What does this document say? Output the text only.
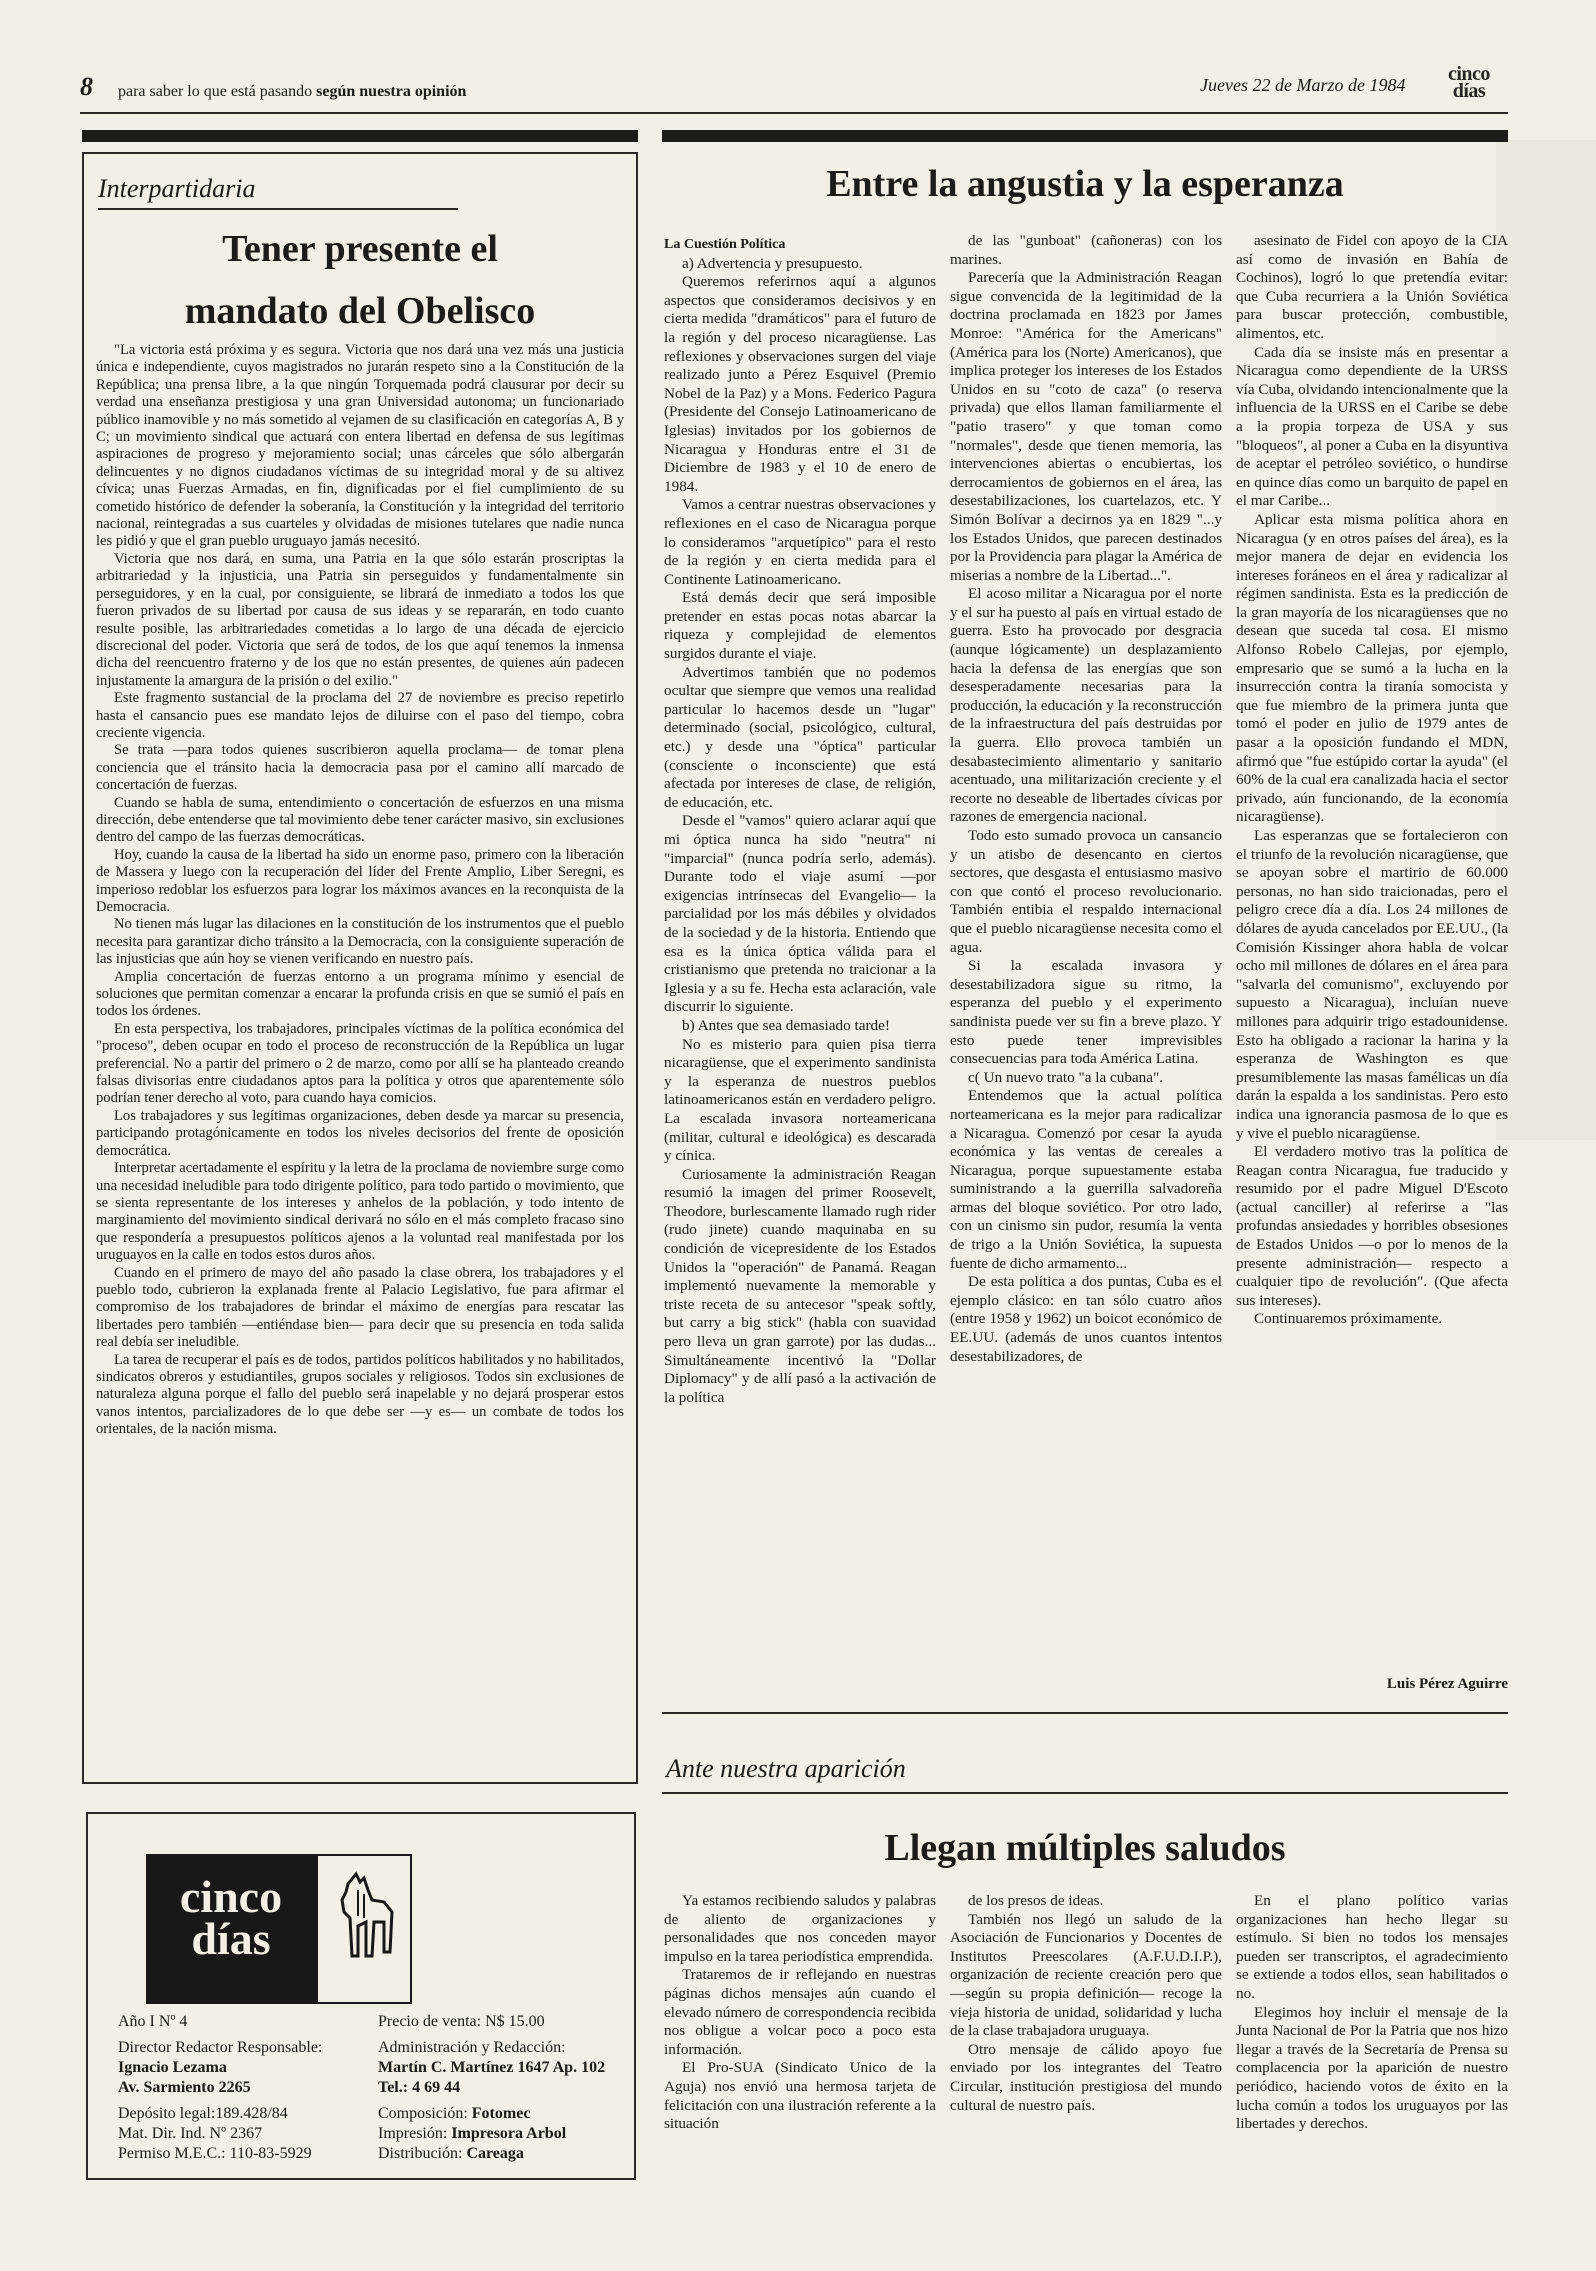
8 para saber lo que está pasando según nuestra opinión	Jueves 22 de Marzo de 1984 cinco
días
Interpartidaria
Tener presente el
mandato del Obelisco

"La victoria está próxima y es segura. Victoria que nos dará una vez más una justicia única e independiente, cuyos magistrados no jurarán respeto sino a la Constitución de la República; una prensa libre, a la que ningún Torquemada podrá clausurar por decir su verdad una enseñanza prestigiosa y una gran Universidad autonoma; un funcionariado público inamovible y no más sometido al vejamen de su clasificación en categorías A, B y C; un movimiento sindical que actuará con entera libertad en defensa de sus legítimas aspiraciones de progreso y mejoramiento social; unas cárceles que sólo albergarán delincuentes y no dignos ciudadanos víctimas de su integridad moral y de su altivez cívica; unas Fuerzas Armadas, en fin, dignificadas por el fiel cumplimiento de su cometido histórico de defender la soberanía, la Constitución y la integridad del territorio nacional, reintegradas a sus cuarteles y olvidadas de misiones tutelares que nadie nunca les pidió y que el gran pueblo uruguayo jamás necesitó.

Victoria que nos dará, en suma, una Patria en la que sólo estarán proscriptas la arbitrariedad y la injusticia, una Patria sin perseguidos y fundamentalmente sin perseguidores, y en la cual, por consiguiente, se librará de inmediato a todos los que fueron privados de su libertad por causa de sus ideas y se repararán, en todo cuanto resulte posible, las arbitrariedades cometidas a lo largo de una década de ejercicio discrecional del poder. Victoria que será de todos, de los que aquí tenemos la inmensa dicha del reencuentro fraterno y de los que no están presentes, de quienes aún padecen injustamente la amargura de la prisión o del exilio."

Este fragmento sustancial de la proclama del 27 de noviembre es preciso repetirlo hasta el cansancio pues ese mandato lejos de diluirse con el paso del tiempo, cobra creciente vigencia.

Se trata —para todos quienes suscribieron aquella proclama— de tomar plena conciencia que el tránsito hacia la democracia pasa por el camino allí marcado de concertación de fuerzas.

Cuando se habla de suma, entendimiento o concertación de esfuerzos en una misma dirección, debe entenderse que tal movimiento debe tener carácter masivo, sin exclusiones dentro del campo de las fuerzas democráticas.

Hoy, cuando la causa de la libertad ha sido un enorme paso, primero con la liberación de Massera y luego con la recuperación del líder del Frente Amplio, Liber Seregni, es imperioso redoblar los esfuerzos para lograr los máximos avances en la reconquista de la Democracia.

No tienen más lugar las dilaciones en la constitución de los instrumentos que el pueblo necesita para garantizar dicho tránsito a la Democracia, con la consiguiente superación de las injusticias que aún hoy se vienen verificando en nuestro país.

Amplia concertación de fuerzas entorno a un programa mínimo y esencial de soluciones que permitan comenzar a encarar la profunda crisis en que se sumió el país en todos los órdenes.

En esta perspectiva, los trabajadores, principales víctimas de la política económica del "proceso", deben ocupar en todo el proceso de reconstrucción de la República un lugar preferencial. No a partir del primero o 2 de marzo, como por allí se ha planteado creando falsas divisorias entre ciudadanos aptos para la política y otros que aparentemente sólo podrían tener derecho al voto, para cuando haya comicios.

Los trabajadores y sus legítimas organizaciones, deben desde ya marcar su presencia, participando protagónicamente en todos los niveles decisorios del frente de oposición democrática.

Interpretar acertadamente el espíritu y la letra de la proclama de noviembre surge como una necesidad ineludible para todo dirigente político, para todo partido o movimiento, que se sienta representante de los intereses y anhelos de la población, y todo intento de marginamiento del movimiento sindical derivará no sólo en el más completo fracaso sino que respondería a presupuestos políticos ajenos a la voluntad real manifestada por los uruguayos en la calle en todos estos duros años.

Cuando en el primero de mayo del año pasado la clase obrera, los trabajadores y el pueblo todo, cubrieron la explanada frente al Palacio Legislativo, fue para afirmar el compromiso de los trabajadores de brindar el máximo de energías para rescatar las libertades pero también —entiéndase bien— para decir que su presencia en toda salida real debía ser ineludible.

La tarea de recuperar el país es de todos, partidos políticos habilitados y no habilitados, sindicatos obreros y estudiantiles, grupos sociales y religiosos. Todos sin exclusiones de naturaleza alguna porque el fallo del pueblo será inapelable y no dejará prosperar estos vanos intentos, parcializadores de lo que debe ser —y es— un combate de todos los orientales, de la nación misma.

cinco
días
Año I Nº 4
Director Redactor Responsable:
Ignacio Lezama
Av. Sarmiento 2265
Depósito legal:189.428/84
Mat. Dir. Ind. Nº 2367
Permiso M.E.C.: 110-83-5929
Precio de venta: N$ 15.00
Administración y Redacción:
Martín C. Martínez 1647 Ap. 102
Tel.: 4 69 44
Composición: Fotomec
Impresión: Impresora Arbol
Distribución: Careaga
Entre la angustia y la esperanza
La Cuestión Política

a) Advertencia y presupuesto.

Queremos referirnos aquí a algunos aspectos que consideramos decisivos y en cierta medida "dramáticos" para el futuro de la región y del proceso nicaragüense. Las reflexiones y observaciones surgen del viaje realizado junto a Pérez Esquivel (Premio Nobel de la Paz) y a Mons. Federico Pagura (Presidente del Consejo Latinoamericano de Iglesias) invitados por los gobiernos de Nicaragua y Honduras entre el 31 de Diciembre de 1983 y el 10 de enero de 1984.

Vamos a centrar nuestras observaciones y reflexiones en el caso de Nicaragua porque lo consideramos "arquetípico" para el resto de la región y en cierta medida para el Continente Latinoamericano.

Está demás decir que será imposible pretender en estas pocas notas abarcar la riqueza y complejidad de elementos surgidos durante el viaje.

Advertimos también que no podemos ocultar que siempre que vemos una realidad particular lo hacemos desde un "lugar" determinado (social, psicológico, cultural, etc.) y desde una "óptica" particular (consciente o inconsciente) que está afectada por intereses de clase, de religión, de educación, etc.

Desde el "vamos" quiero aclarar aquí que mi óptica nunca ha sido "neutra" ni "imparcial" (nunca podría serlo, además). Durante todo el viaje asumí —por exigencias intrínsecas del Evangelio— la parcialidad por los más débiles y olvidados de la sociedad y de la historia. Entiendo que esa es la única óptica válida para el cristianismo que pretenda no traicionar a la Iglesia y a su fe. Hecha esta aclaración, vale discurrir lo siguiente.

b) Antes que sea demasiado tarde!

No es misterio para quien pisa tierra nicaragüense, que el experimento sandinista y la esperanza de nuestros pueblos latinoamericanos están en verdadero peligro. La escalada invasora norteamericana (militar, cultural e ideológica) es descarada y cínica.

Curiosamente la administración Reagan resumió la imagen del primer Roosevelt, Theodore, burlescamente llamado rugh rider (rudo jinete) cuando maquinaba en su condición de vicepresidente de los Estados Unidos la "operación" de Panamá. Reagan implementó nuevamente la memorable y triste receta de su antecesor "speak softly, but carry a big stick" (habla con suavidad pero lleva un gran garrote) por las dudas... Simultáneamente incentivó la "Dollar Diplomacy" y de allí pasó a la activación de la política

de las "gunboat" (cañoneras) con los marines.

Parecería que la Administración Reagan sigue convencida de la legitimidad de la doctrina proclamada en 1823 por James Monroe: "América for the Americans" (América para los (Norte) Americanos), que implica proteger los intereses de los Estados Unidos en su "coto de caza" (o reserva privada) que ellos llaman familiarmente el "patio trasero" y que toman como "normales", desde que tienen memoria, las intervenciones abiertas o encubiertas, los derrocamientos de gobiernos en el área, las desestabilizaciones, los cuartelazos, etc. Y Simón Bolívar a decirnos ya en 1829 "...y los Estados Unidos, que parecen destinados por la Providencia para plagar la América de miserias a nombre de la Libertad...".

El acoso militar a Nicaragua por el norte y el sur ha puesto al país en virtual estado de guerra. Esto ha provocado por desgracia (aunque lógicamente) un desplazamiento hacia la defensa de las energías que son desesperadamente necesarias para la producción, la educación y la reconstrucción de la infraestructura del país destruidas por la guerra. Ello provoca también un desabastecimiento alimentario y sanitario acentuado, una militarización creciente y el recorte no deseable de libertades cívicas por razones de emergencia nacional.

Todo esto sumado provoca un cansancio y un atisbo de desencanto en ciertos sectores, que desgasta el entusiasmo masivo con que contó el proceso revolucionario. También entibia el respaldo internacional que el pueblo nicaragüense necesita como el agua.

Si la escalada invasora y desestabilizadora sigue su ritmo, la esperanza del pueblo y el experimento sandinista puede ver su fin a breve plazo. Y esto puede tener imprevisibles consecuencias para toda América Latina.

c( Un nuevo trato "a la cubana".

Entendemos que la actual política norteamericana es la mejor para radicalizar a Nicaragua. Comenzó por cesar la ayuda económica y las ventas de cereales a Nicaragua, porque supuestamente estaba suministrando a la guerrilla salvadoreña armas del bloque soviético. Por otro lado, con un cinismo sin pudor, resumía la venta de trigo a la Unión Soviética, la supuesta fuente de dicho armamento...

De esta política a dos puntas, Cuba es el ejemplo clásico: en tan sólo cuatro años (entre 1958 y 1962) un boicot económico de EE.UU. (además de unos cuantos intentos desestabilizadores, de

asesinato de Fidel con apoyo de la CIA así como de invasión en Bahía de Cochinos), logró lo que pretendía evitar: que Cuba recurriera a la Unión Soviética para buscar protección, combustible, alimentos, etc.

Cada día se insiste más en presentar a Nicaragua como dependiente de la URSS vía Cuba, olvidando intencionalmente que la influencia de la URSS en el Caribe se debe a la propia torpeza de USA y sus "bloqueos", al poner a Cuba en la disyuntiva de aceptar el petróleo soviético, o hundirse en quince días como un barquito de papel en el mar Caribe...

Aplicar esta misma política ahora en Nicaragua (y en otros países del área), es la mejor manera de dejar en evidencia los intereses foráneos en el área y radicalizar al régimen sandinista. Esta es la predicción de la gran mayoría de los nicaragüenses que no desean que suceda tal cosa. El mismo Alfonso Robelo Callejas, por ejemplo, empresario que se sumó a la lucha en la insurrección contra la tiranía somocista y que fue miembro de la primera junta que tomó el poder en julio de 1979 antes de pasar a la oposición fundando el MDN, afirmó que "fue estúpido cortar la ayuda" (el 60% de la cual era canalizada hacia el sector privado, aún funcionando, de la economía nicaragüense).

Las esperanzas que se fortalecieron con el triunfo de la revolución nicaragüense, que se apoyan sobre el martirio de 60.000 personas, no han sido traicionadas, pero el peligro crece día a día. Los 24 millones de dólares de ayuda cancelados por EE.UU., (la Comisión Kissinger ahora habla de volcar ocho mil millones de dólares en el área para "salvarla del comunismo", excluyendo por supuesto a Nicaragua), incluían nueve millones para adquirir trigo estadounidense. Esto ha obligado a racionar la harina y la esperanza de Washington es que presumiblemente las masas famélicas un día darán la espalda a los sandinistas. Pero esto indica una ignorancia pasmosa de lo que es y vive el pueblo nicaragüense.

El verdadero motivo tras la política de Reagan contra Nicaragua, fue traducido y resumido por el padre Miguel D'Escoto (actual canciller) al referirse a "las profundas ansiedades y horribles obsesiones de Estados Unidos —o por lo menos de la presente administración— respecto a cualquier tipo de revolución". (Que afecta sus intereses).

Continuaremos próximamente.

Luis Pérez Aguirre
Ante nuestra aparición
Llegan múltiples saludos

Ya estamos recibiendo saludos y palabras de aliento de organizaciones y personalidades que nos conceden mayor impulso en la tarea periodística emprendida.

Trataremos de ir reflejando en nuestras páginas dichos mensajes aún cuando el elevado número de correspondencia recibida nos obligue a volcar poco a poco esta información.

El Pro-SUA (Sindicato Unico de la Aguja) nos envió una hermosa tarjeta de felicitación con una ilustración referente a la situación

de los presos de ideas.

También nos llegó un saludo de la Asociación de Funcionarios y Docentes de Institutos Preescolares (A.F.U.D.I.P.), organización de reciente creación pero que —según su propia definición— recoge la vieja historia de unidad, solidaridad y lucha de la clase trabajadora uruguaya.

Otro mensaje de cálido apoyo fue enviado por los integrantes del Teatro Circular, institución prestigiosa del mundo cultural de nuestro país.

En el plano político varias organizaciones han hecho llegar su estímulo. Si bien no todos los mensajes pueden ser transcriptos, el agradecimiento se extiende a todos ellos, sean habilitados o no.

Elegimos hoy incluir el mensaje de la Junta Nacional de Por la Patria que nos hizo llegar a través de la Secretaría de Prensa su complacencia por la aparición de nuestro periódico, haciendo votos de éxito en la lucha común a todos los uruguayos por las libertades y derechos.
